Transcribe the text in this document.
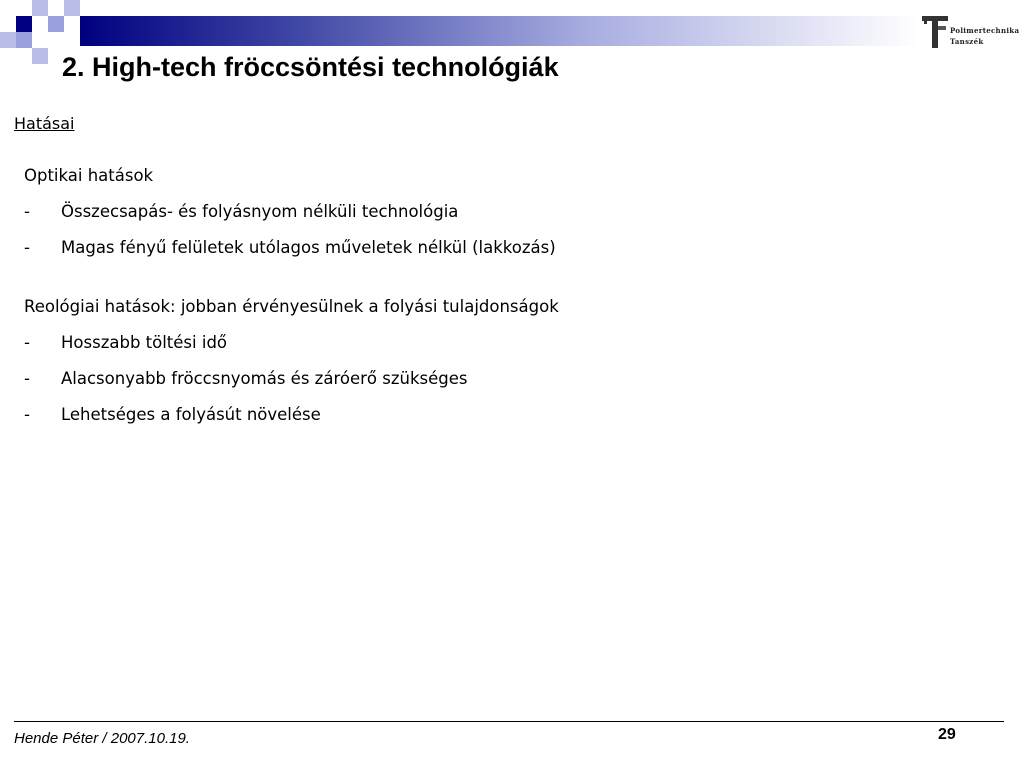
Polimertechnika
Tanszék
2. High-tech fröccsöntési technológiák
Hatásai
Optikai hatások
-	Összecsapás- és folyásnyom nélküli technológia
-	Magas fényű felületek utólagos műveletek nélkül (lakkozás)
Reológiai hatások: jobban érvényesülnek a folyási tulajdonságok
-	Hosszabb töltési idő
-	Alacsonyabb fröccsnyomás és záróerő szükséges
-	Lehetséges a folyásút növelése
Hende Péter / 2007.10.19.	29
